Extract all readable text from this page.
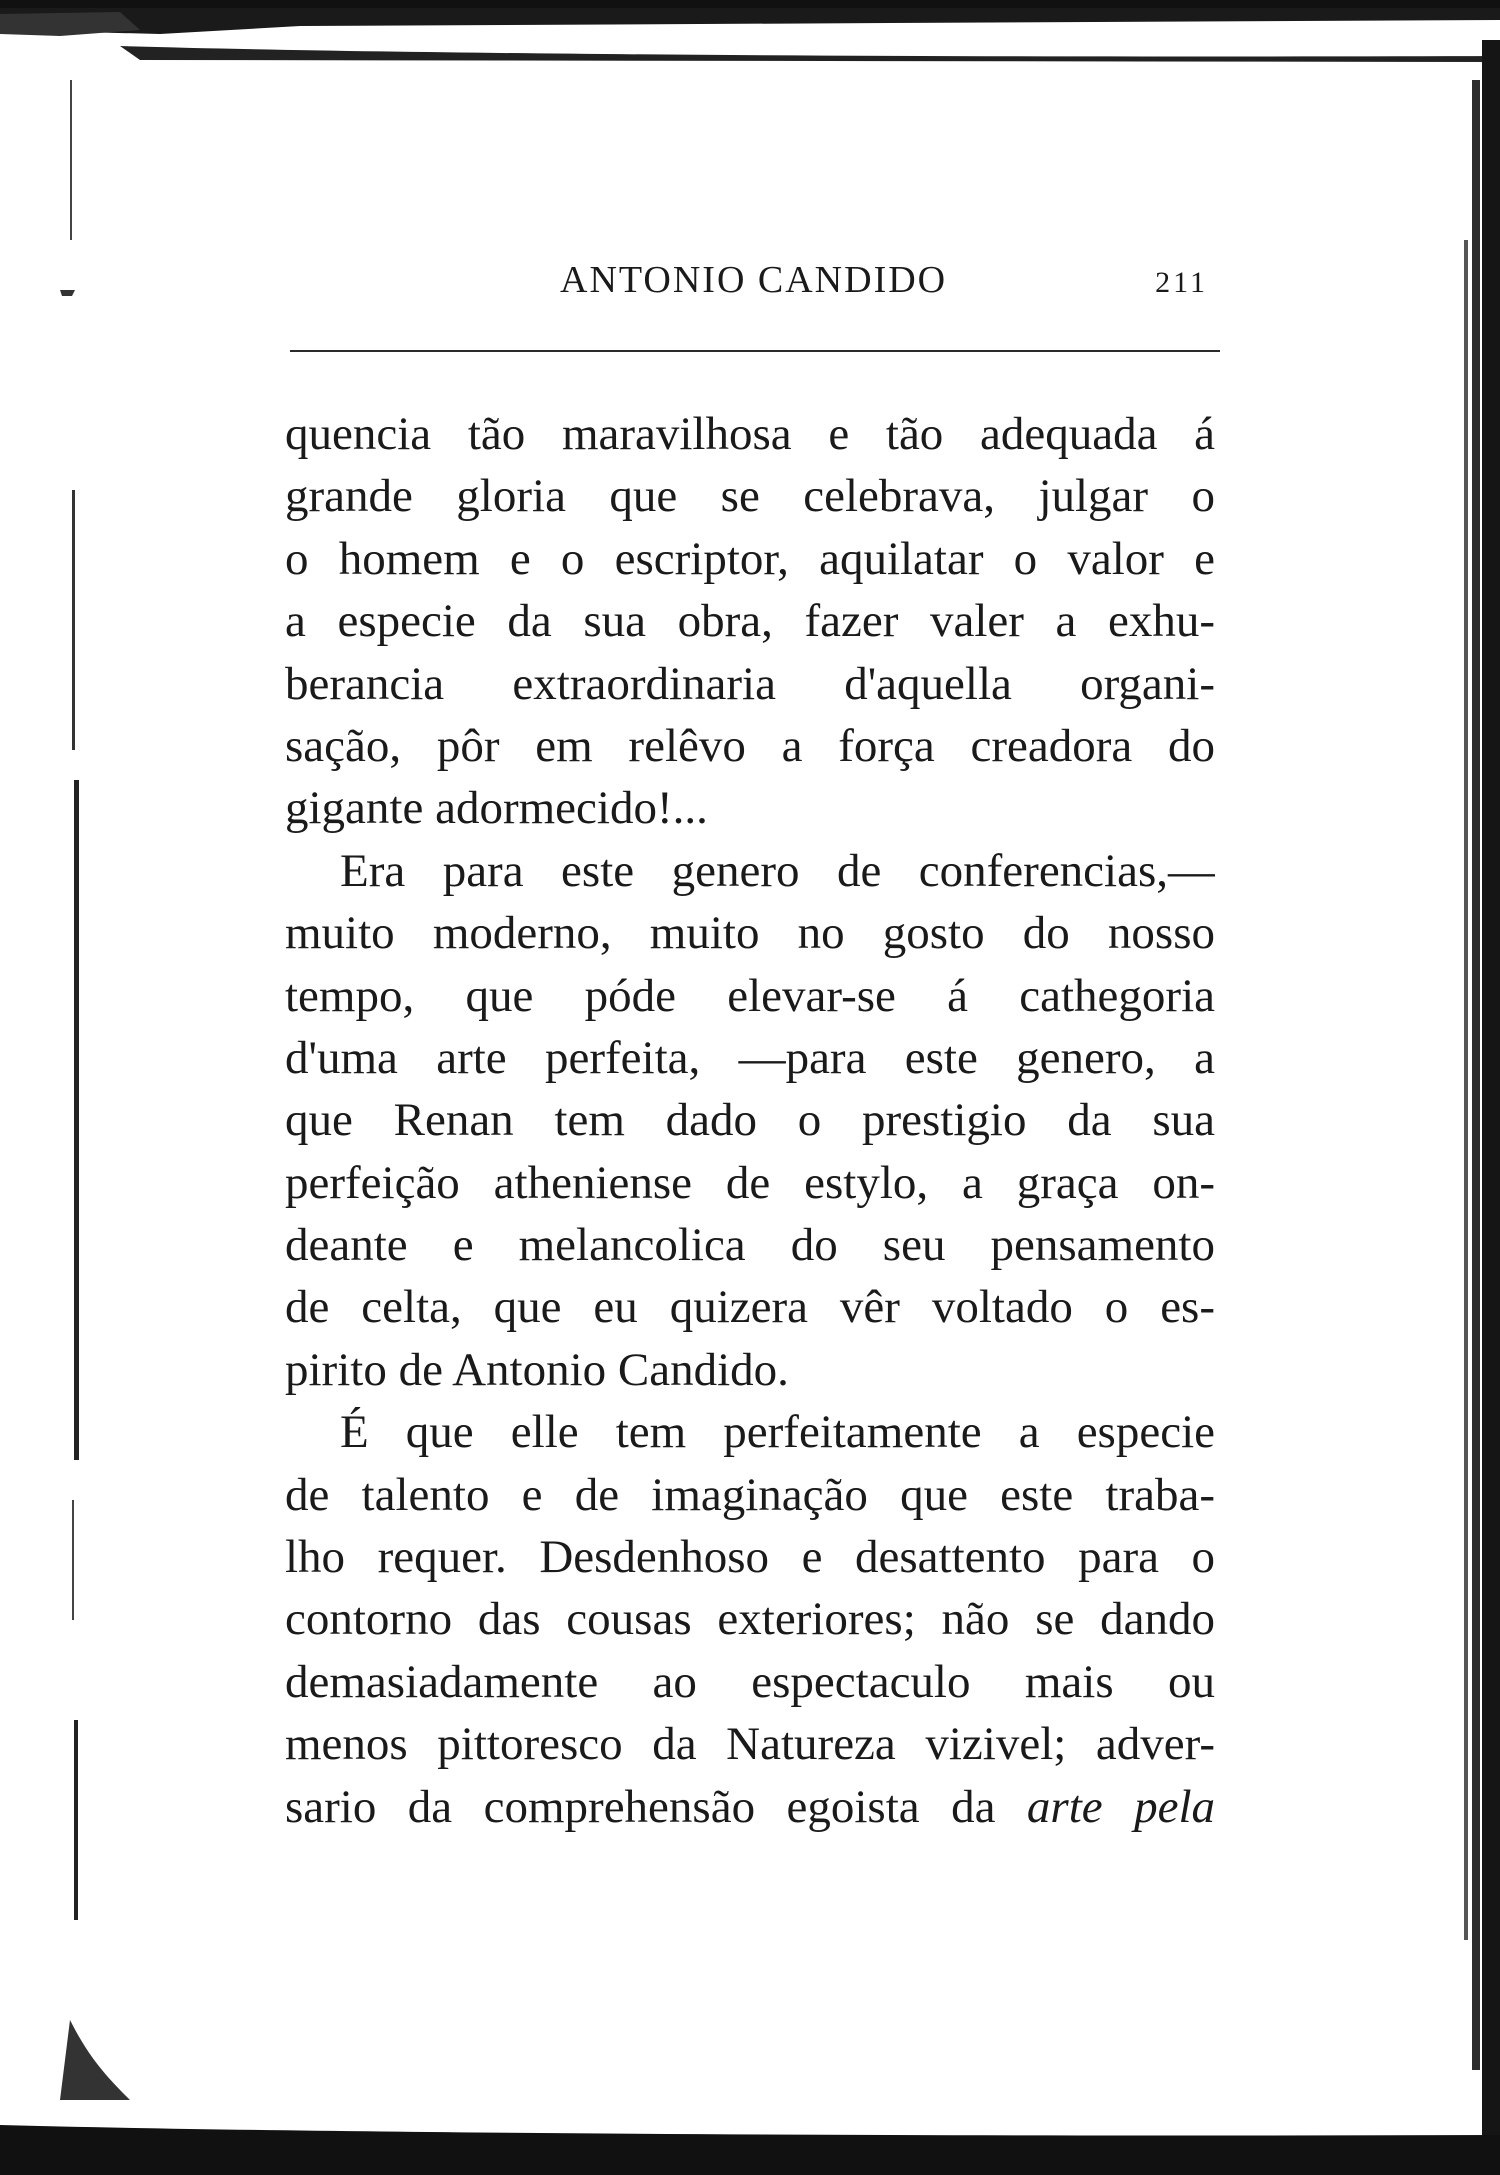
ANTONIO CANDIDO	211
quencia tão maravilhosa e tão adequada á
grande gloria que se celebrava, julgar o
o homem e o escriptor, aquilatar o valor e
a especie da sua obra, fazer valer a exhu-
berancia extraordinaria d'aquella organi-
sação, pôr em relêvo a força creadora do
gigante adormecido!...
Era para este genero de conferencias,—
muito moderno, muito no gosto do nosso
tempo, que póde elevar-se á cathegoria
d'uma arte perfeita, —para este genero, a
que Renan tem dado o prestigio da sua
perfeição atheniense de estylo, a graça on-
deante e melancolica do seu pensamento
de celta, que eu quizera vêr voltado o es-
pirito de Antonio Candido.
É que elle tem perfeitamente a especie
de talento e de imaginação que este traba-
lho requer. Desdenhoso e desattento para o
contorno das cousas exteriores; não se dando
demasiadamente ao espectaculo mais ou
menos pittoresco da Natureza vizivel; adver-
sario da comprehensão egoista da arte pela
